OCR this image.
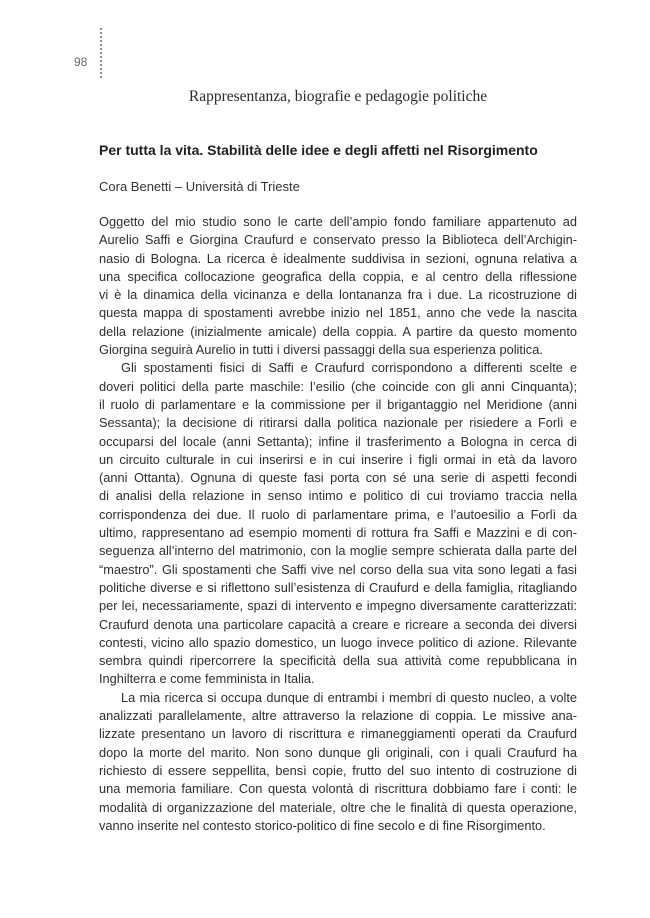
98
Rappresentanza, biografie e pedagogie politiche
Per tutta la vita. Stabilità delle idee e degli affetti nel Risorgimento
Cora Benetti – Università di Trieste
Oggetto del mio studio sono le carte dell’ampio fondo familiare appartenuto ad
Aurelio Saffi e Giorgina Craufurd e conservato presso la Biblioteca dell’Archigin-
nasio di Bologna. La ricerca è idealmente suddivisa in sezioni, ognuna relativa a
una specifica collocazione geografica della coppia, e al centro della riflessione
vi è la dinamica della vicinanza e della lontananza fra i due. La ricostruzione di
questa mappa di spostamenti avrebbe inizio nel 1851, anno che vede la nascita
della relazione (inizialmente amicale) della coppia. A partire da questo momento
Giorgina seguirà Aurelio in tutti i diversi passaggi della sua esperienza politica.
Gli spostamenti fisici di Saffi e Craufurd corrispondono a differenti scelte e
doveri politici della parte maschile: l’esilio (che coincide con gli anni Cinquanta);
il ruolo di parlamentare e la commissione per il brigantaggio nel Meridione (anni
Sessanta); la decisione di ritirarsi dalla politica nazionale per risiedere a Forlì e
occuparsi del locale (anni Settanta); infine il trasferimento a Bologna in cerca di
un circuito culturale in cui inserirsi e in cui inserire i figli ormai in età da lavoro
(anni Ottanta). Ognuna di queste fasi porta con sé una serie di aspetti fecondi
di analisi della relazione in senso intimo e politico di cui troviamo traccia nella
corrispondenza dei due. Il ruolo di parlamentare prima, e l’autoesilio a Forlì da
ultimo, rappresentano ad esempio momenti di rottura fra Saffi e Mazzini e di con-
seguenza all’interno del matrimonio, con la moglie sempre schierata dalla parte del
“maestro”. Gli spostamenti che Saffi vive nel corso della sua vita sono legati a fasi
politiche diverse e si riflettono sull’esistenza di Craufurd e della famiglia, ritagliando
per lei, necessariamente, spazi di intervento e impegno diversamente caratterizzati:
Craufurd denota una particolare capacità a creare e ricreare a seconda dei diversi
contesti, vicino allo spazio domestico, un luogo invece politico di azione. Rilevante
sembra quindi ripercorrere la specificità della sua attività come repubblicana in
Inghilterra e come femminista in Italia.
La mia ricerca si occupa dunque di entrambi i membri di questo nucleo, a volte
analizzati parallelamente, altre attraverso la relazione di coppia. Le missive ana-
lizzate presentano un lavoro di riscrittura e rimaneggiamenti operati da Craufurd
dopo la morte del marito. Non sono dunque gli originali, con i quali Craufurd ha
richiesto di essere seppellita, bensì copie, frutto del suo intento di costruzione di
una memoria familiare. Con questa volontà di riscrittura dobbiamo fare i conti: le
modalità di organizzazione del materiale, oltre che le finalità di questa operazione,
vanno inserite nel contesto storico-politico di fine secolo e di fine Risorgimento.
